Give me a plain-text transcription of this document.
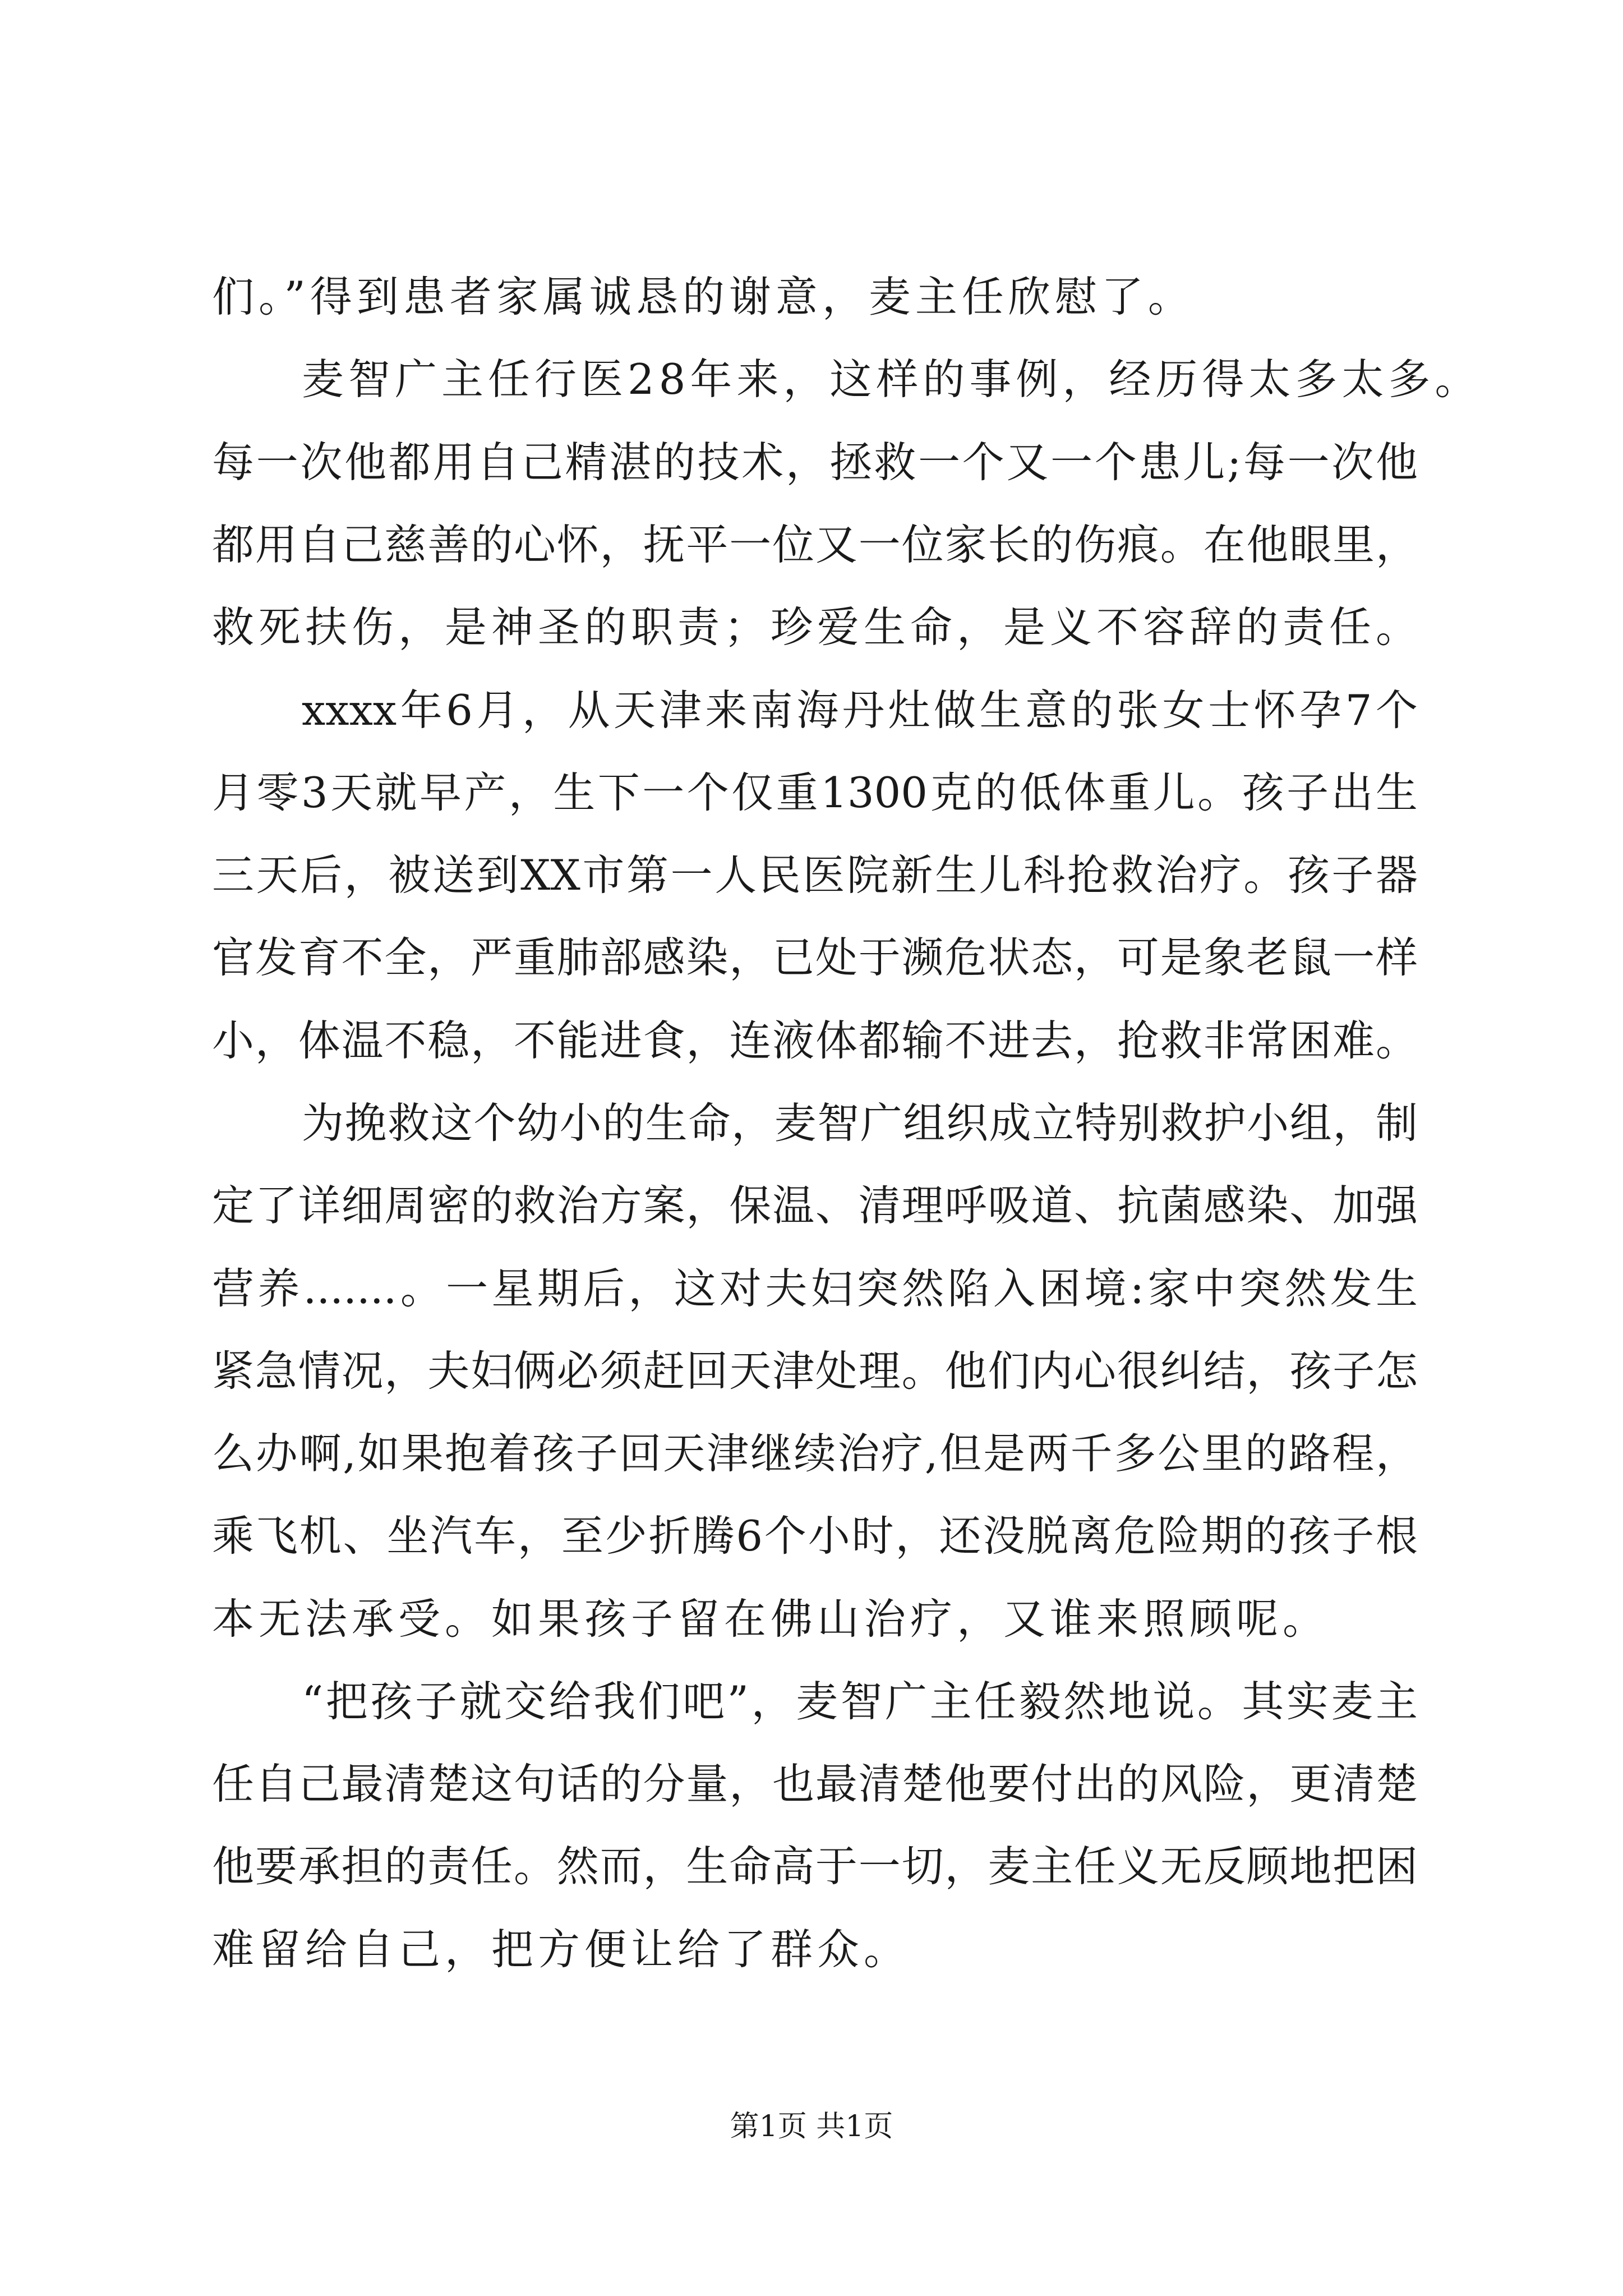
们。”得到患者家属诚恳的谢意，麦主任欣慰了。
麦智广主任行医28年来，这样的事例，经历得太多太多。
每一次他都用自己精湛的技术，拯救一个又一个患儿;每一次他
都用自己慈善的心怀，抚平一位又一位家长的伤痕。在他眼里，
救死扶伤，是神圣的职责；珍爱生命，是义不容辞的责任。
xxxx年6月，从天津来南海丹灶做生意的张女士怀孕7个
月零3天就早产，生下一个仅重1300克的低体重儿。孩子出生
三天后，被送到XX市第一人民医院新生儿科抢救治疗。孩子器
官发育不全，严重肺部感染，已处于濒危状态，可是象老鼠一样
小，体温不稳，不能进食，连液体都输不进去，抢救非常困难。
为挽救这个幼小的生命，麦智广组织成立特别救护小组，制
定了详细周密的救治方案，保温、清理呼吸道、抗菌感染、加强
营养.......。一星期后，这对夫妇突然陷入困境:家中突然发生
紧急情况，夫妇俩必须赶回天津处理。他们内心很纠结，孩子怎
么办啊,如果抱着孩子回天津继续治疗,但是两千多公里的路程，
乘飞机、坐汽车，至少折腾6个小时，还没脱离危险期的孩子根
本无法承受。如果孩子留在佛山治疗，又谁来照顾呢。
“把孩子就交给我们吧”，麦智广主任毅然地说。其实麦主
任自己最清楚这句话的分量，也最清楚他要付出的风险，更清楚
他要承担的责任。然而，生命高于一切，麦主任义无反顾地把困
难留给自己，把方便让给了群众。
第1页 共1页
